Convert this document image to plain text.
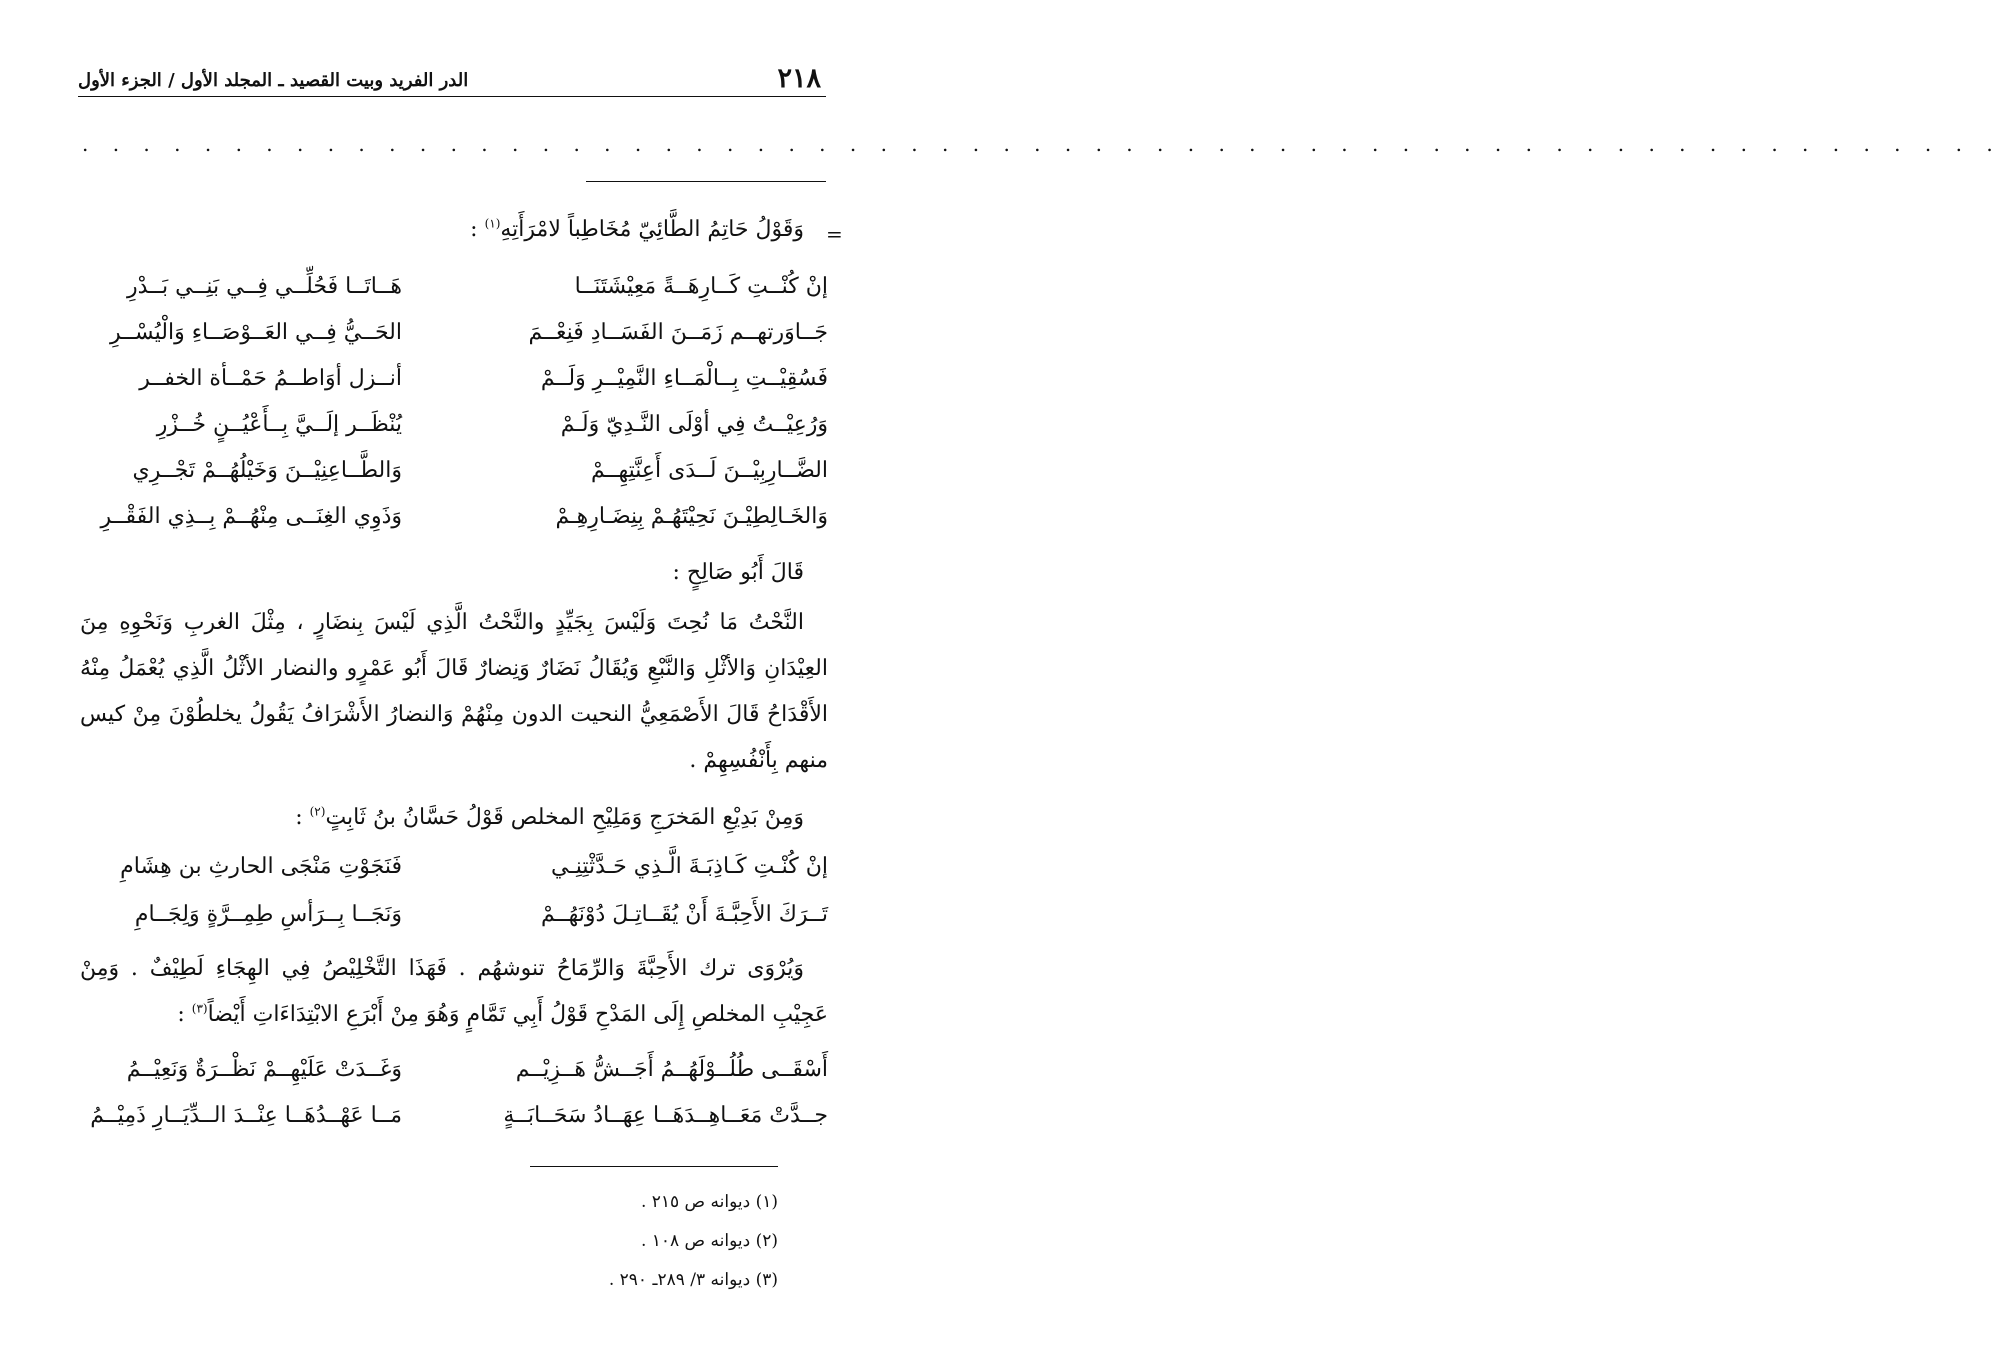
٢١٨
الدر الفريد وبيت القصيد ـ المجلد الأول / الجزء الأول
. . . . . . . . . . . . . . . . . . . . . . . . . . . . . . . . . . . . . . . . . . . . . . . . . . . . . . . . . . . . . . .
=

وَقَوْلُ حَاتِمُ الطَّائِيّ مُخَاطِباً لامْرَأَتِهِ$^{(١)}$ :

إنْ كُنْــتِ كَــارِهَــةً مَعِيْشَتَنَــا
هَــاتَــا فَحُلِّــي فِــي بَنِــي بَــدْرِ
جَــاوَرتهــم زَمَــنَ الفَسَــادِ فَنِعْــمَ
الحَــيُّ فِــي العَــوْصَــاءِ وَالْيُسْــرِ
فَسُقِيْــتِ بِــالْمَــاءِ النَّمِيْــرِ وَلَــمْ
أنــزل أوَاطــمُ حَمْــأة الخفــر
وَرُعِيْــتُ فِي أوْلَى النَّـدِيّ وَلَـمْ
يُنْظَــر إلَــيَّ بِــأَعْيُــنٍ خُــزْرِ
الضَّــارِبِيْــنَ لَــدَى أَعِنَّتِهِــمْ
وَالطَّــاعِنِيْــنَ وَخَيْلُهُــمْ تَجْــرِي
وَالخَـالِطِيْـنَ نَحِيْتَهُـمْ بِنِضَـارِهِـمْ
وَذَوِي الغِنَــى مِنْهُــمْ بِــذِي الفَقْــرِ

قَالَ أَبُو صَالِحٍ :

النَّحْتُ مَا نُحِتَ وَلَيْسَ بِجَيِّدٍ والنَّحْتُ الَّذِي لَيْسَ بِنضَارٍ ، مِثْلَ الغربِ وَنَحْوِهِ مِنَ العِيْدَانِ وَالأثْلِ وَالنَّبْعِ وَيُقَالُ نَضَارٌ وَنِضارٌ قَالَ أَبُو عَمْرٍو والنضار الأثْلُ الَّذِي يُعْمَلُ مِنْهُ الأَقْدَاحُ قَالَ الأَصْمَعِيُّ النحيت الدون مِنْهُمْ وَالنضارُ الأَشْرَافُ يَقُولُ يخلطُوْنَ مِنْ كيس منهم بِأَنْفُسِهِمْ .

وَمِنْ بَدِيْعِ المَخرَجِ وَمَلِيْحِ المخلص قَوْلُ حَسَّانُ بنُ ثَابِتٍ$^{(٢)}$ :

إنْ كُنْـتِ كَـاذِبَـةَ الَّـذِي حَـدَّثْتِنِـي
فَنَجَوْتِ مَنْجَى الحارثِ بن هِشَامِ
تَــرَكَ الأَحِبَّـةَ أَنْ يُقَــاتِـلَ دُوْنَهُــمْ
وَنَجَــا بِــرَأسِ طِمِــرَّةٍ وَلِجَــامِ

وَيُرْوَى ترك الأَحِبَّةَ وَالرِّمَاحُ تنوشهُم . فَهَذَا التَّخْلِيْصُ فِي الهِجَاءِ لَطِيْفٌ . وَمِنْ عَجِيْبِ المخلصِ إِلَى المَدْحِ قَوْلُ أَبِي تَمَّامٍ وَهُوَ مِنْ أَبْرَعِ الابْتِدَاءَاتِ أَيْضاً$^{(٣)}$ :

أَسْقَــى طُلُــوْلَهُــمُ أَجَــشُّ هَــزِيْــم
وَغَــدَتْ عَلَيْهِــمْ نَظْــرَةٌ وَنَعِيْــمُ
جــدَّتْ مَعَــاهِــدَهَــا عِهَــادُ سَحَــابَــةٍ
مَــا عَهْــدُهَــا عِنْــدَ الــدِّيَــارِ ذَمِيْــمُ
(١) ديوانه ص ٢١٥ .
(٢) ديوانه ص ١٠٨ .
(٣) ديوانه ٣/ ٢٨٩ـ ٢٩٠ .
